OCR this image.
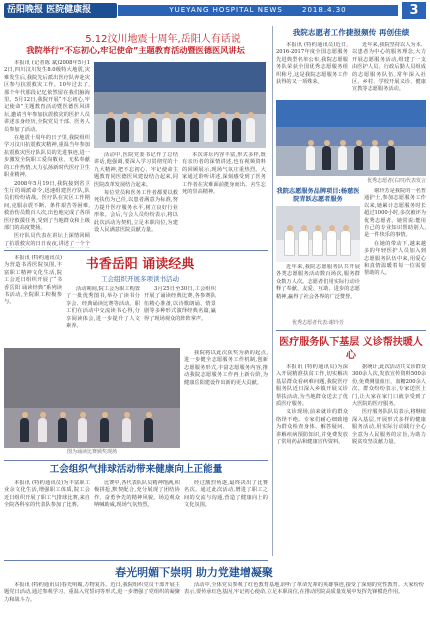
岳阳晚报 医院健康报	YUEYANG HOSPITAL NEWS	2018.4.30	3
5.12汶川地震十周年,岳阳人有话说
我院举行“不忘初心,牢记使命”主题教育活动暨医德医风讲坛

本报讯 (记者陈 斌)2008年5月12日,四川汶川发生8.0级特大地震,灾难发生后,我院先后派出医疗队奔赴灾区参与抗震救灾工作。10年过去了,那个年代那段记忆依然留在我们脑海里。5月12日,我院开展“不忘初心,牢记使命”主题教育活动暨医德医风讲坛,邀请当年参加抗震救灾的医护人员讲述亲身经历,全院党员干部、医务人员参加了活动。

在地震十周年的日子里,我院组织学习汶川抗震救灾精神,重温当年参加抗震救灾医疗队队员的先进事迹,进一步激发全院职工爱岗敬业、无私奉献的工作热情,大力弘扬新时代医疗卫生职业精神。

2008年5月19日,我院接到省卫生厅的调派命令,迅速组建医疗队,队员们纷纷请战。医疗队在灾区工作期间,克服余震不断、条件艰苦等困难,救治伤员数百人次,出色地完成了各项医疗救援任务,受到了当地群众和上级部门的高度赞扬。

医疗队员代表在讲坛上深情回顾了抗震救灾的日日夜夜,讲述了一个个

活动中,医院党委书记作了总结讲话,他强调,要深入学习贯彻党的十九大精神,把不忘初心、牢记使命主题教育同医德医风建设结合起来,同医院改革发展结合起来。

每位党员和医务工作者都要以救死扶伤为己任,以患者满意为标准,努力提升医疗服务水平,树立良好行业形象。会后,与会人员纷纷表示,将以此次活动为契机,立足本职岗位,为建设人民满意医院贡献力量。

本次讲坛内容丰富,形式多样,既有亲历者的深情讲述,也有视频资料的回顾展示,现场气氛庄重热烈。大家通过聆听讲述,深刻感受到了医务工作者在灾难面前挺身而出、舍生忘死的崇高精神。

本报讯 (特约通讯员)为营造书香医院氛围,丰富职工精神文化生活,院工会近日组织开展了“书香岳阳 诵读经典”系列读书活动,全院职工积极参与。

书香岳阳 诵读经典
工会组织开展多项读书活动

活动期间,院工会为职工购置了一批优秀图书,举办了读书分享会、经典诵读比赛等活动。职工们在活动中交流读书心得,分享阅读体会,进一步提升了人文素养。

3月25日至30日,工会组织开展了诵读经典比赛,各参赛队伍精心准备,以诗歌朗诵、情景剧等多种形式演绎经典名篇,赢得了现场观众的阵阵掌声。

图为诵读比赛颁奖现场

我院将以此次获奖为新的起点,进一步健全志愿服务工作机制,创新志愿服务形式,丰富志愿服务内容,推动我院志愿服务工作再上新台阶,为健康岳阳建设作出新的更大贡献。

工会组织气排球活动带来健康向上正能量

本报讯 (特约通讯员)为丰富职工业余文化生活,增强职工体质,院工会近日组织开展了职工气排球比赛,来自全院各科室的代表队参加了比赛。

比赛中,各代表队队员精神饱满,积极拼抢,默契配合,充分展现了团结协作、奋勇争先的精神风貌。场边观众呐喊助威,现场气氛热烈。

经过激烈角逐,最终决出了比赛名次。通过此次活动,增进了职工之间的交流与沟通,营造了健康向上的文化氛围。

春光明媚下崇明 助力党建增凝聚

本报讯 (特约通讯员)春光明媚,万物复苏。近日,我院组织党员干部开展主题党日活动,通过参观学习、重温入党誓词等形式,进一步增强了党组织的凝聚力和战斗力。

活动中,全体党员参观了红色教育基地,聆听了革命先辈的英雄事迹,接受了深刻的党性教育。大家纷纷表示,要传承红色基因,牢记初心使命,立足本职岗位,在推动医院高质量发展中发挥先锋模范作用。

我院志愿者工作捷报频传 再创佳绩

本报讯 (特约通讯员)近日,2016-2017年度全国志愿服务先进典型名单公布,我院志愿服务队荣获全国优秀志愿服务组织称号,这是我院志愿服务工作获得的又一项殊荣。

近年来,我院坚持以人为本、以患者为中心的服务理念,大力开展志愿服务活动,组建了一支由医护人员、行政后勤人员组成的志愿服务队伍,常年深入社区、乡村、学校开展义诊、健康宣教等志愿服务活动。

优秀志愿者(右四)代表发言
我院志愿服务品牌项目:杨慈医院青跃志愿者服务

近年来,我院志愿服务队共开展各类志愿服务活动数百场次,服务群众数万人次。志愿者们用实际行动诠释了奉献、友爱、互助、进步的志愿精神,赢得了社会各界的广泛赞誉。

谢玲芳是我院的一名普通护士,参加志愿服务工作以来,她累计志愿服务时长超过1000小时,多次被评为优秀志愿者。她常说:能用自己的专业知识帮助别人,是一件快乐的事情。

在她的带动下,越来越多的年轻医护人员加入到志愿服务队伍中来,用爱心和真情温暖着每一位需要帮助的人。

优秀志愿者代表:谢玲芳
医疗服务队下基层 义诊帮扶暖人心

本报讯 (特约通讯员)为深入开展精准扶贫工作,切实解决基层群众看病难问题,我院医疗服务队近日深入乡镇开展义诊帮扶活动,为当地群众送去了优质医疗服务。

义诊现场,前来就诊的群众络绎不绝。专家们耐心细致地为群众检查身体、解答疑问、讲解疾病预防知识,并免费发放了常用药品和健康宣传资料。

据统计,此次活动共义诊群众300余人次,发放宣传资料500余份,免费测量血压、血糖200余人次。群众纷纷表示,专家送医上门,让大家在家门口就享受到了大医院的医疗服务。

医疗服务队队员表示,将继续深入基层,开展形式多样的健康服务活动,用实际行动践行全心全意为人民服务的宗旨,为助力脱贫攻坚贡献力量。
